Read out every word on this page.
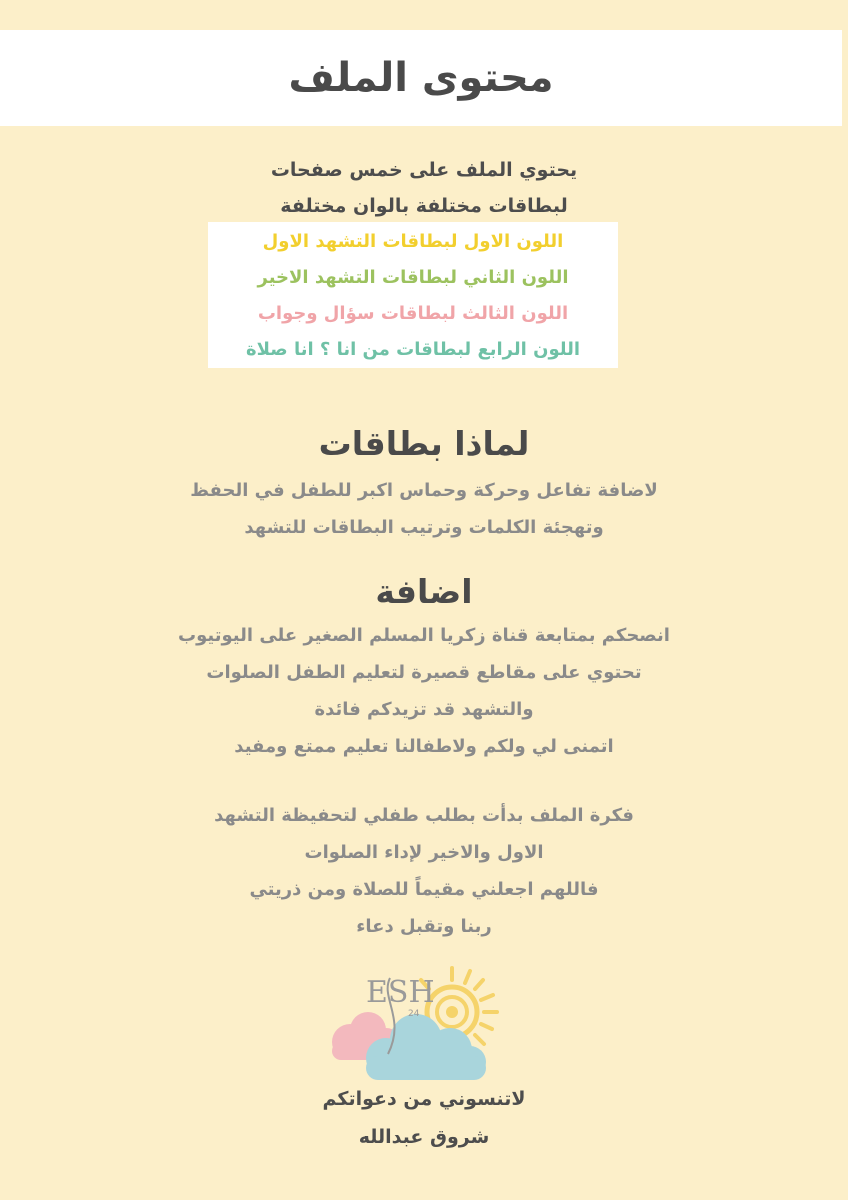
محتوى الملف
يحتوي الملف على خمس صفحات
لبطاقات مختلفة بالوان مختلفة
اللون الاول لبطاقات التشهد الاول
اللون الثاني لبطاقات التشهد الاخير
اللون الثالث لبطاقات سؤال وجواب
اللون الرابع لبطاقات من انا ؟ انا صلاة
لماذا بطاقات
لاضافة تفاعل وحركة وحماس اكبر للطفل في الحفظ
وتهجئة الكلمات وترتيب البطاقات للتشهد
اضافة
انصحكم بمتابعة قناة زكريا المسلم الصغير على اليوتيوب
تحتوي على مقاطع قصيرة لتعليم الطفل الصلوات
والتشهد قد تزيدكم فائدة
اتمنى لي ولكم ولاطفالنا تعليم ممتع ومفيد
فكرة الملف بدأت بطلب طفلي لتحفيظة التشهد
الاول والاخير لإداء الصلوات
فاللهم اجعلني مقيماً للصلاة ومن ذريتي
ربنا وتقبل دعاء
ESH
24
لاتنسوني من دعواتكم
شروق عبدالله
